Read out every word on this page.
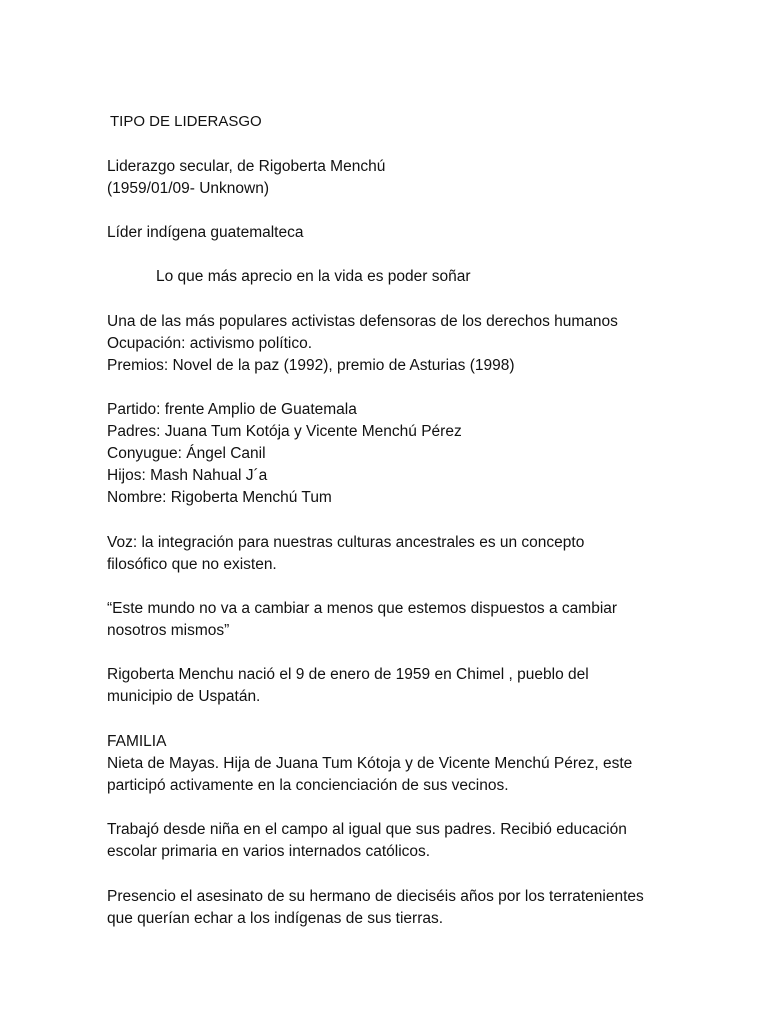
TIPO DE LIDERASGO

Liderazgo secular, de Rigoberta Menchú

(1959/01/09- Unknown)

Líder indígena guatemalteca

Lo que más aprecio en la vida es poder soñar

Una de las más populares activistas defensoras de los derechos humanos

Ocupación: activismo político.

Premios: Novel de la paz (1992), premio de Asturias (1998)

Partido: frente Amplio de Guatemala

Padres: Juana Tum Kotója y Vicente Menchú Pérez

Conyugue: Ángel Canil

Hijos: Mash Nahual J´a

Nombre: Rigoberta Menchú Tum

Voz: la integración para nuestras culturas ancestrales es un concepto

filosófico que no existen.

“Este mundo no va a cambiar a menos que estemos dispuestos a cambiar

nosotros mismos”

Rigoberta Menchu nació el 9 de enero de 1959 en Chimel , pueblo del

municipio de Uspatán.

FAMILIA

Nieta de Mayas. Hija de Juana Tum Kótoja y de Vicente Menchú Pérez, este

participó activamente en la concienciación de sus vecinos.

Trabajó desde niña en el campo al igual que sus padres. Recibió educación

escolar primaria en varios internados católicos.

Presencio el asesinato de su hermano de dieciséis años por los terratenientes

que querían echar a los indígenas de sus tierras.
